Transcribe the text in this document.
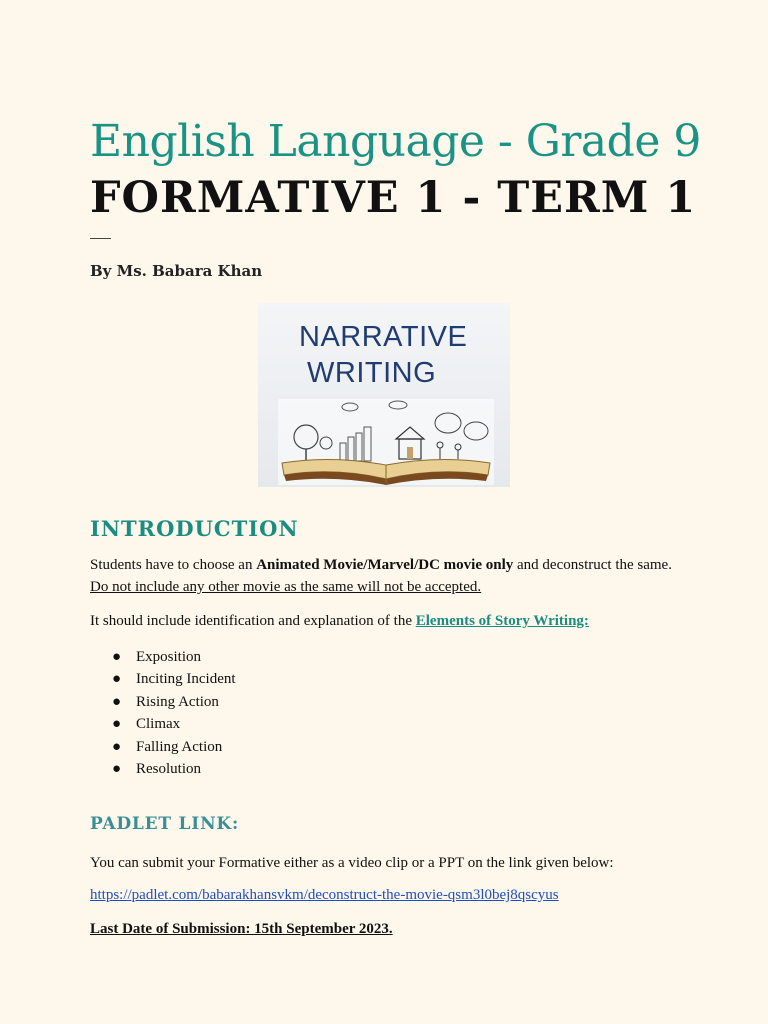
English Language - Grade 9
FORMATIVE 1 - TERM 1
By Ms. Babara Khan
NARRATIVE
WRITING
INTRODUCTION
Students have to choose an Animated Movie/Marvel/DC movie only and deconstruct the same. Do not include any other movie as the same will not be accepted.
It should include identification and explanation of the Elements of Story Writing:
● Exposition
● Inciting Incident
● Rising Action
● Climax
● Falling Action
● Resolution
PADLET LINK:
You can submit your Formative either as a video clip or a PPT on the link given below:
https://padlet.com/babarakhansvkm/deconstruct-the-movie-qsm3l0bej8qscyus
Last Date of Submission: 15th September 2023.
